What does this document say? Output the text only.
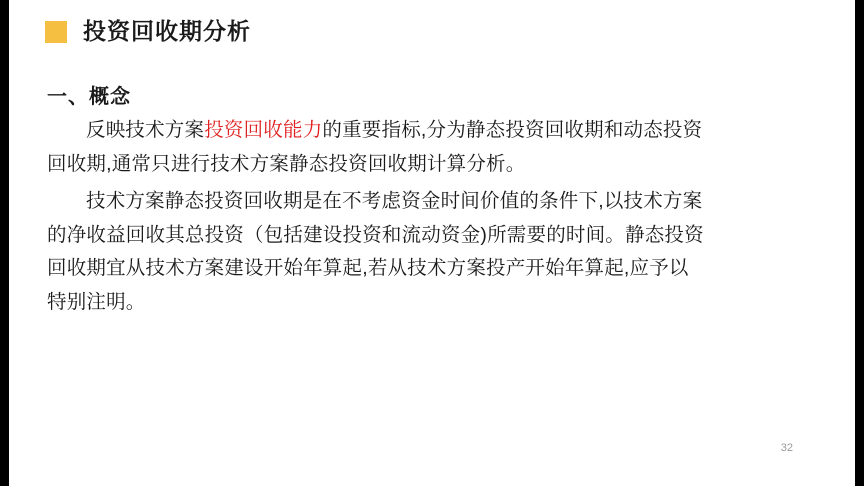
投资回收期分析
一、概念

反映技术方案投资回收能力的重要指标,分为静态投资回收期和动态投资回收期,通常只进行技术方案静态投资回收期计算分析。

技术方案静态投资回收期是在不考虑资金时间价值的条件下,以技术方案的净收益回收其总投资（包括建设投资和流动资金)所需要的时间。静态投资回收期宜从技术方案建设开始年算起,若从技术方案投产开始年算起,应予以特别注明。

32
